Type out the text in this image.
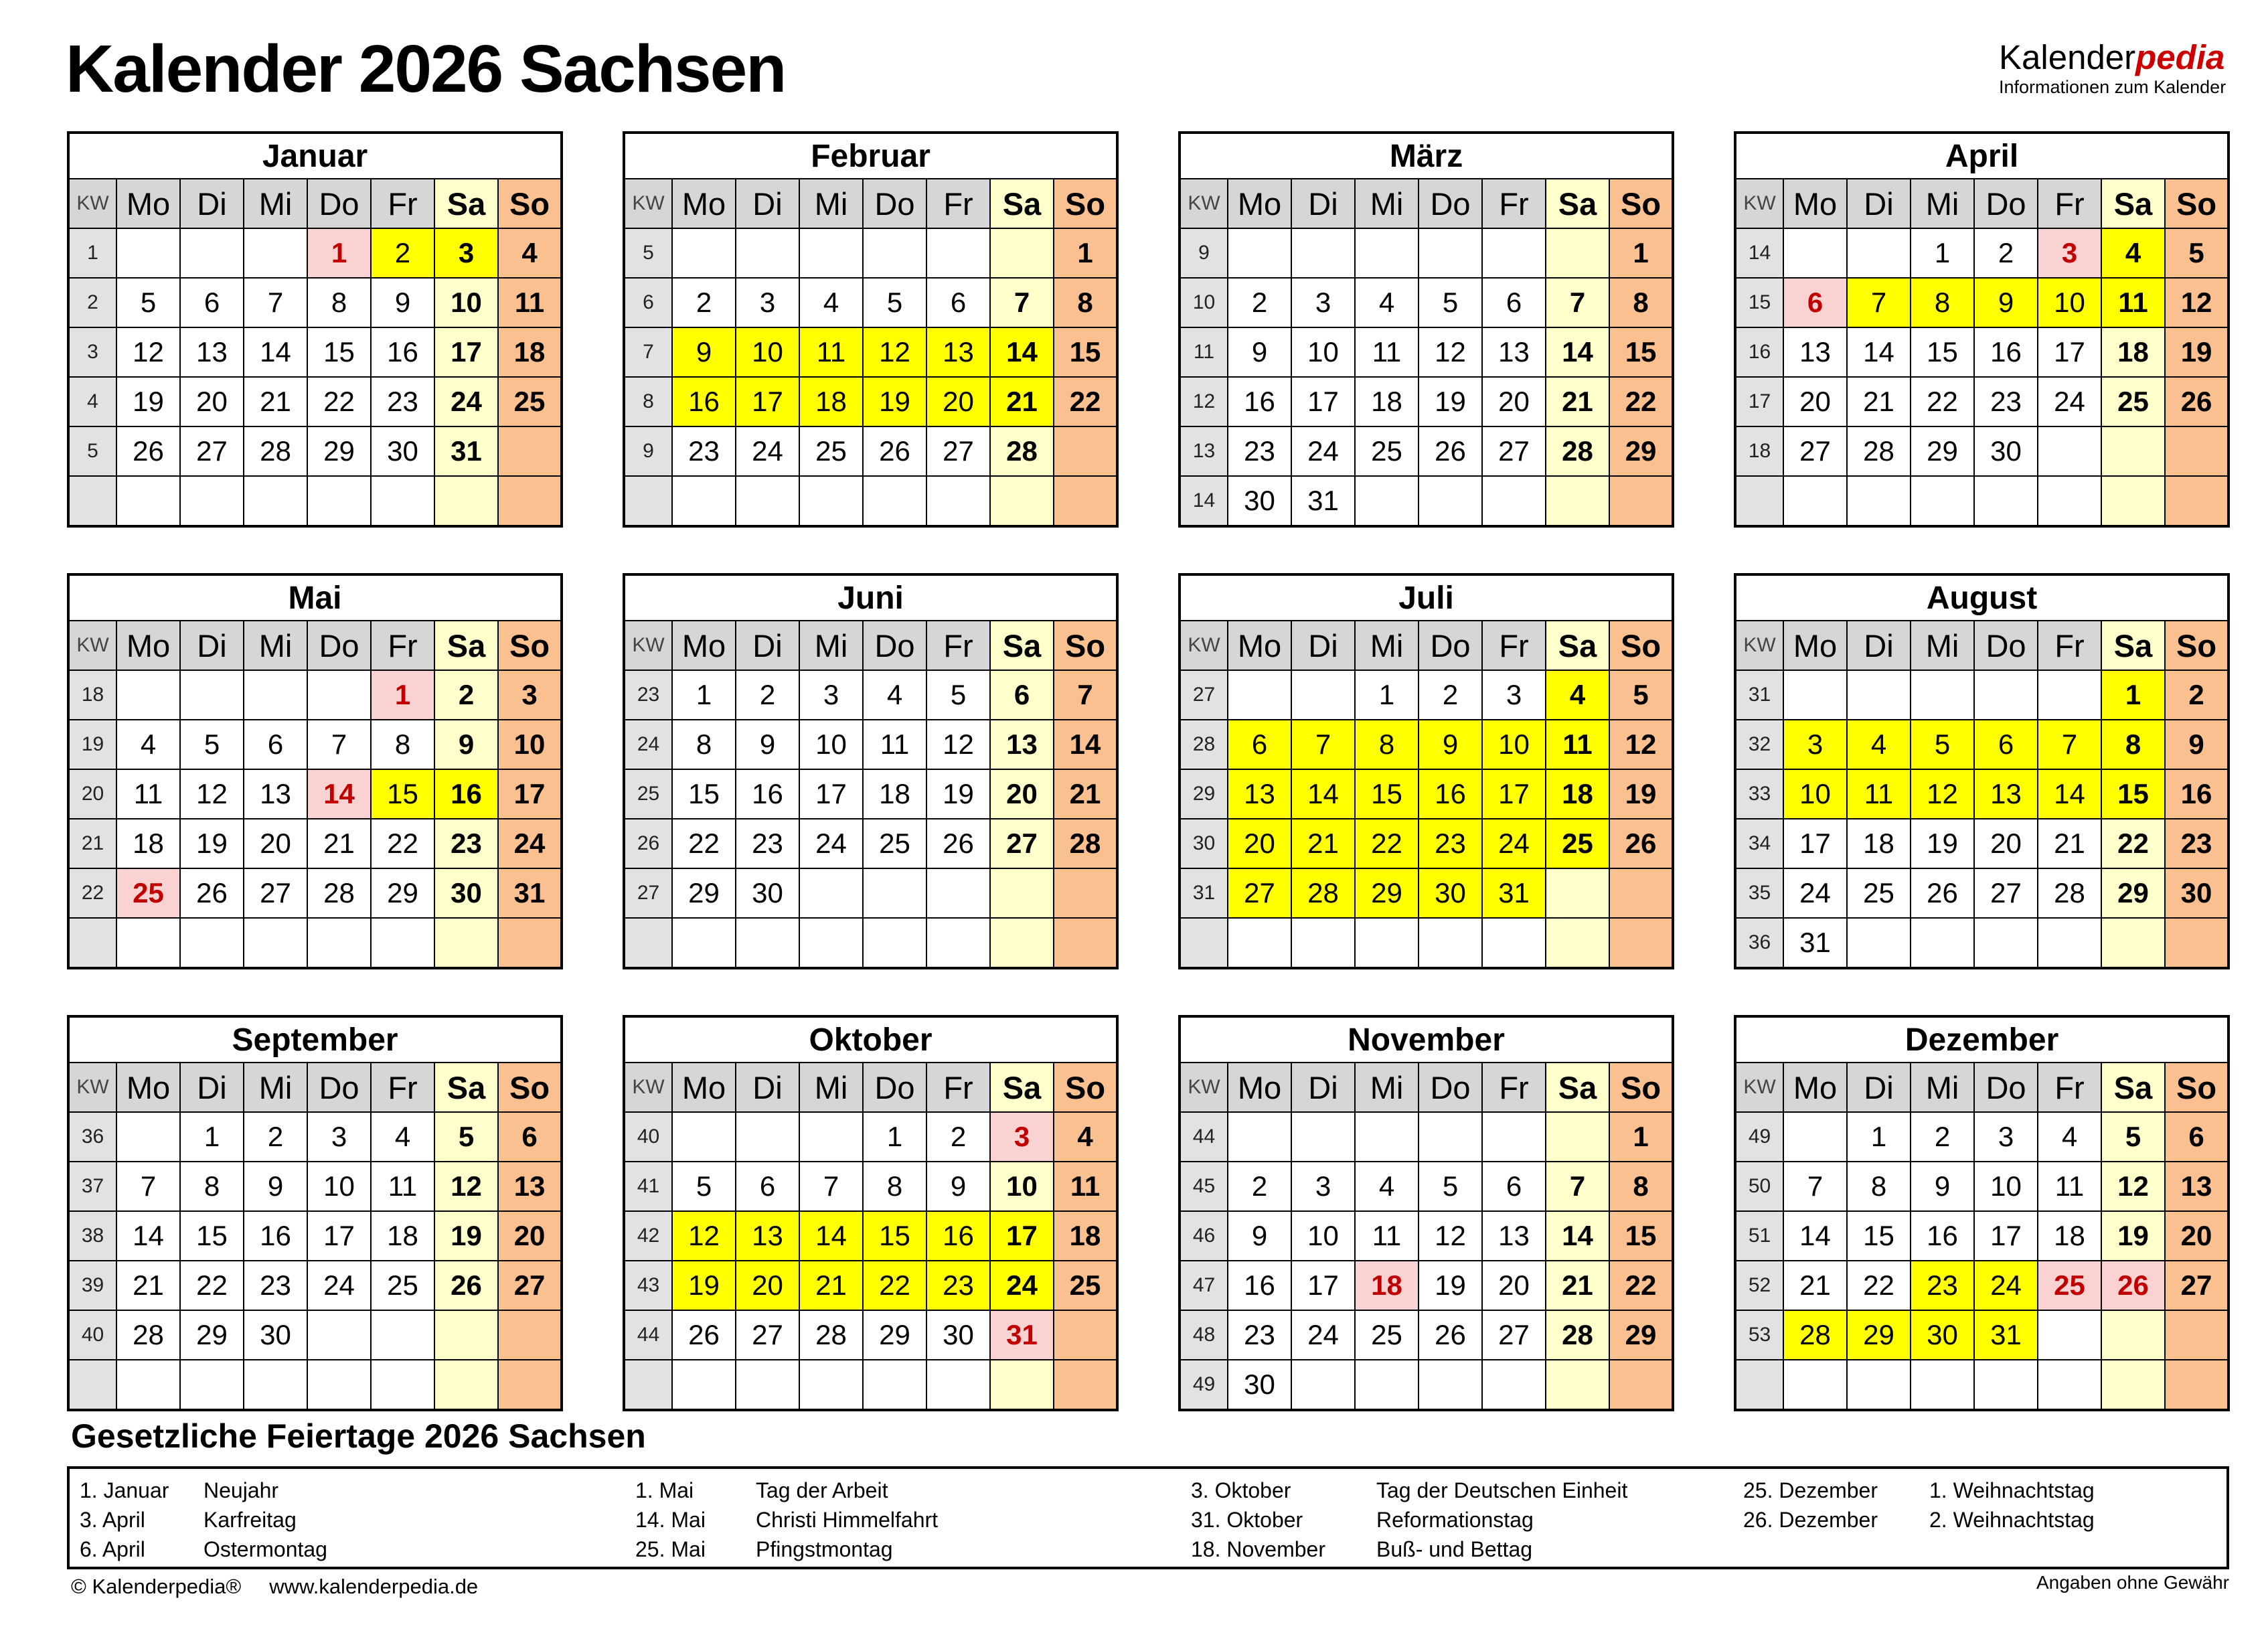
Kalender 2026 Sachsen	Kalenderpedia
Informationen zum Kalender
Januar							
KW	Mo	Di	Mi	Do	Fr	Sa	So
1				1	2	3	4
2	5	6	7	8	9	10	11
3	12	13	14	15	16	17	18
4	19	20	21	22	23	24	25
5	26	27	28	29	30	31	

Februar							
KW	Mo	Di	Mi	Do	Fr	Sa	So
5							1
6	2	3	4	5	6	7	8
7	9	10	11	12	13	14	15
8	16	17	18	19	20	21	22
9	23	24	25	26	27	28	

März							
KW	Mo	Di	Mi	Do	Fr	Sa	So
9							1
10	2	3	4	5	6	7	8
11	9	10	11	12	13	14	15
12	16	17	18	19	20	21	22
13	23	24	25	26	27	28	29
14	30	31					
April							
KW	Mo	Di	Mi	Do	Fr	Sa	So
14			1	2	3	4	5
15	6	7	8	9	10	11	12
16	13	14	15	16	17	18	19
17	20	21	22	23	24	25	26
18	27	28	29	30			

Mai							
KW	Mo	Di	Mi	Do	Fr	Sa	So
18					1	2	3
19	4	5	6	7	8	9	10
20	11	12	13	14	15	16	17
21	18	19	20	21	22	23	24
22	25	26	27	28	29	30	31

Juni							
KW	Mo	Di	Mi	Do	Fr	Sa	So
23	1	2	3	4	5	6	7
24	8	9	10	11	12	13	14
25	15	16	17	18	19	20	21
26	22	23	24	25	26	27	28
27	29	30					

Juli							
KW	Mo	Di	Mi	Do	Fr	Sa	So
27			1	2	3	4	5
28	6	7	8	9	10	11	12
29	13	14	15	16	17	18	19
30	20	21	22	23	24	25	26
31	27	28	29	30	31		

August							
KW	Mo	Di	Mi	Do	Fr	Sa	So
31						1	2
32	3	4	5	6	7	8	9
33	10	11	12	13	14	15	16
34	17	18	19	20	21	22	23
35	24	25	26	27	28	29	30
36	31						
September							
KW	Mo	Di	Mi	Do	Fr	Sa	So
36		1	2	3	4	5	6
37	7	8	9	10	11	12	13
38	14	15	16	17	18	19	20
39	21	22	23	24	25	26	27
40	28	29	30				

Oktober							
KW	Mo	Di	Mi	Do	Fr	Sa	So
40				1	2	3	4
41	5	6	7	8	9	10	11
42	12	13	14	15	16	17	18
43	19	20	21	22	23	24	25
44	26	27	28	29	30	31	

November							
KW	Mo	Di	Mi	Do	Fr	Sa	So
44							1
45	2	3	4	5	6	7	8
46	9	10	11	12	13	14	15
47	16	17	18	19	20	21	22
48	23	24	25	26	27	28	29
49	30						
Dezember							
KW	Mo	Di	Mi	Do	Fr	Sa	So
49		1	2	3	4	5	6
50	7	8	9	10	11	12	13
51	14	15	16	17	18	19	20
52	21	22	23	24	25	26	27
53	28	29	30	31			

Gesetzliche Feiertage 2026 Sachsen
1. Januar	Neujahr
3. April	Karfreitag
6. April	Ostermontag
1. Mai	Tag der Arbeit
14. Mai	Christi Himmelfahrt
25. Mai	Pfingstmontag
3. Oktober	Tag der Deutschen Einheit
31. Oktober	Reformationstag
18. November	Buß- und Bettag
25. Dezember	1. Weihnachtstag
26. Dezember	2. Weihnachtstag
© Kalenderpedia® www.kalenderpedia.de	Angaben ohne Gewähr
